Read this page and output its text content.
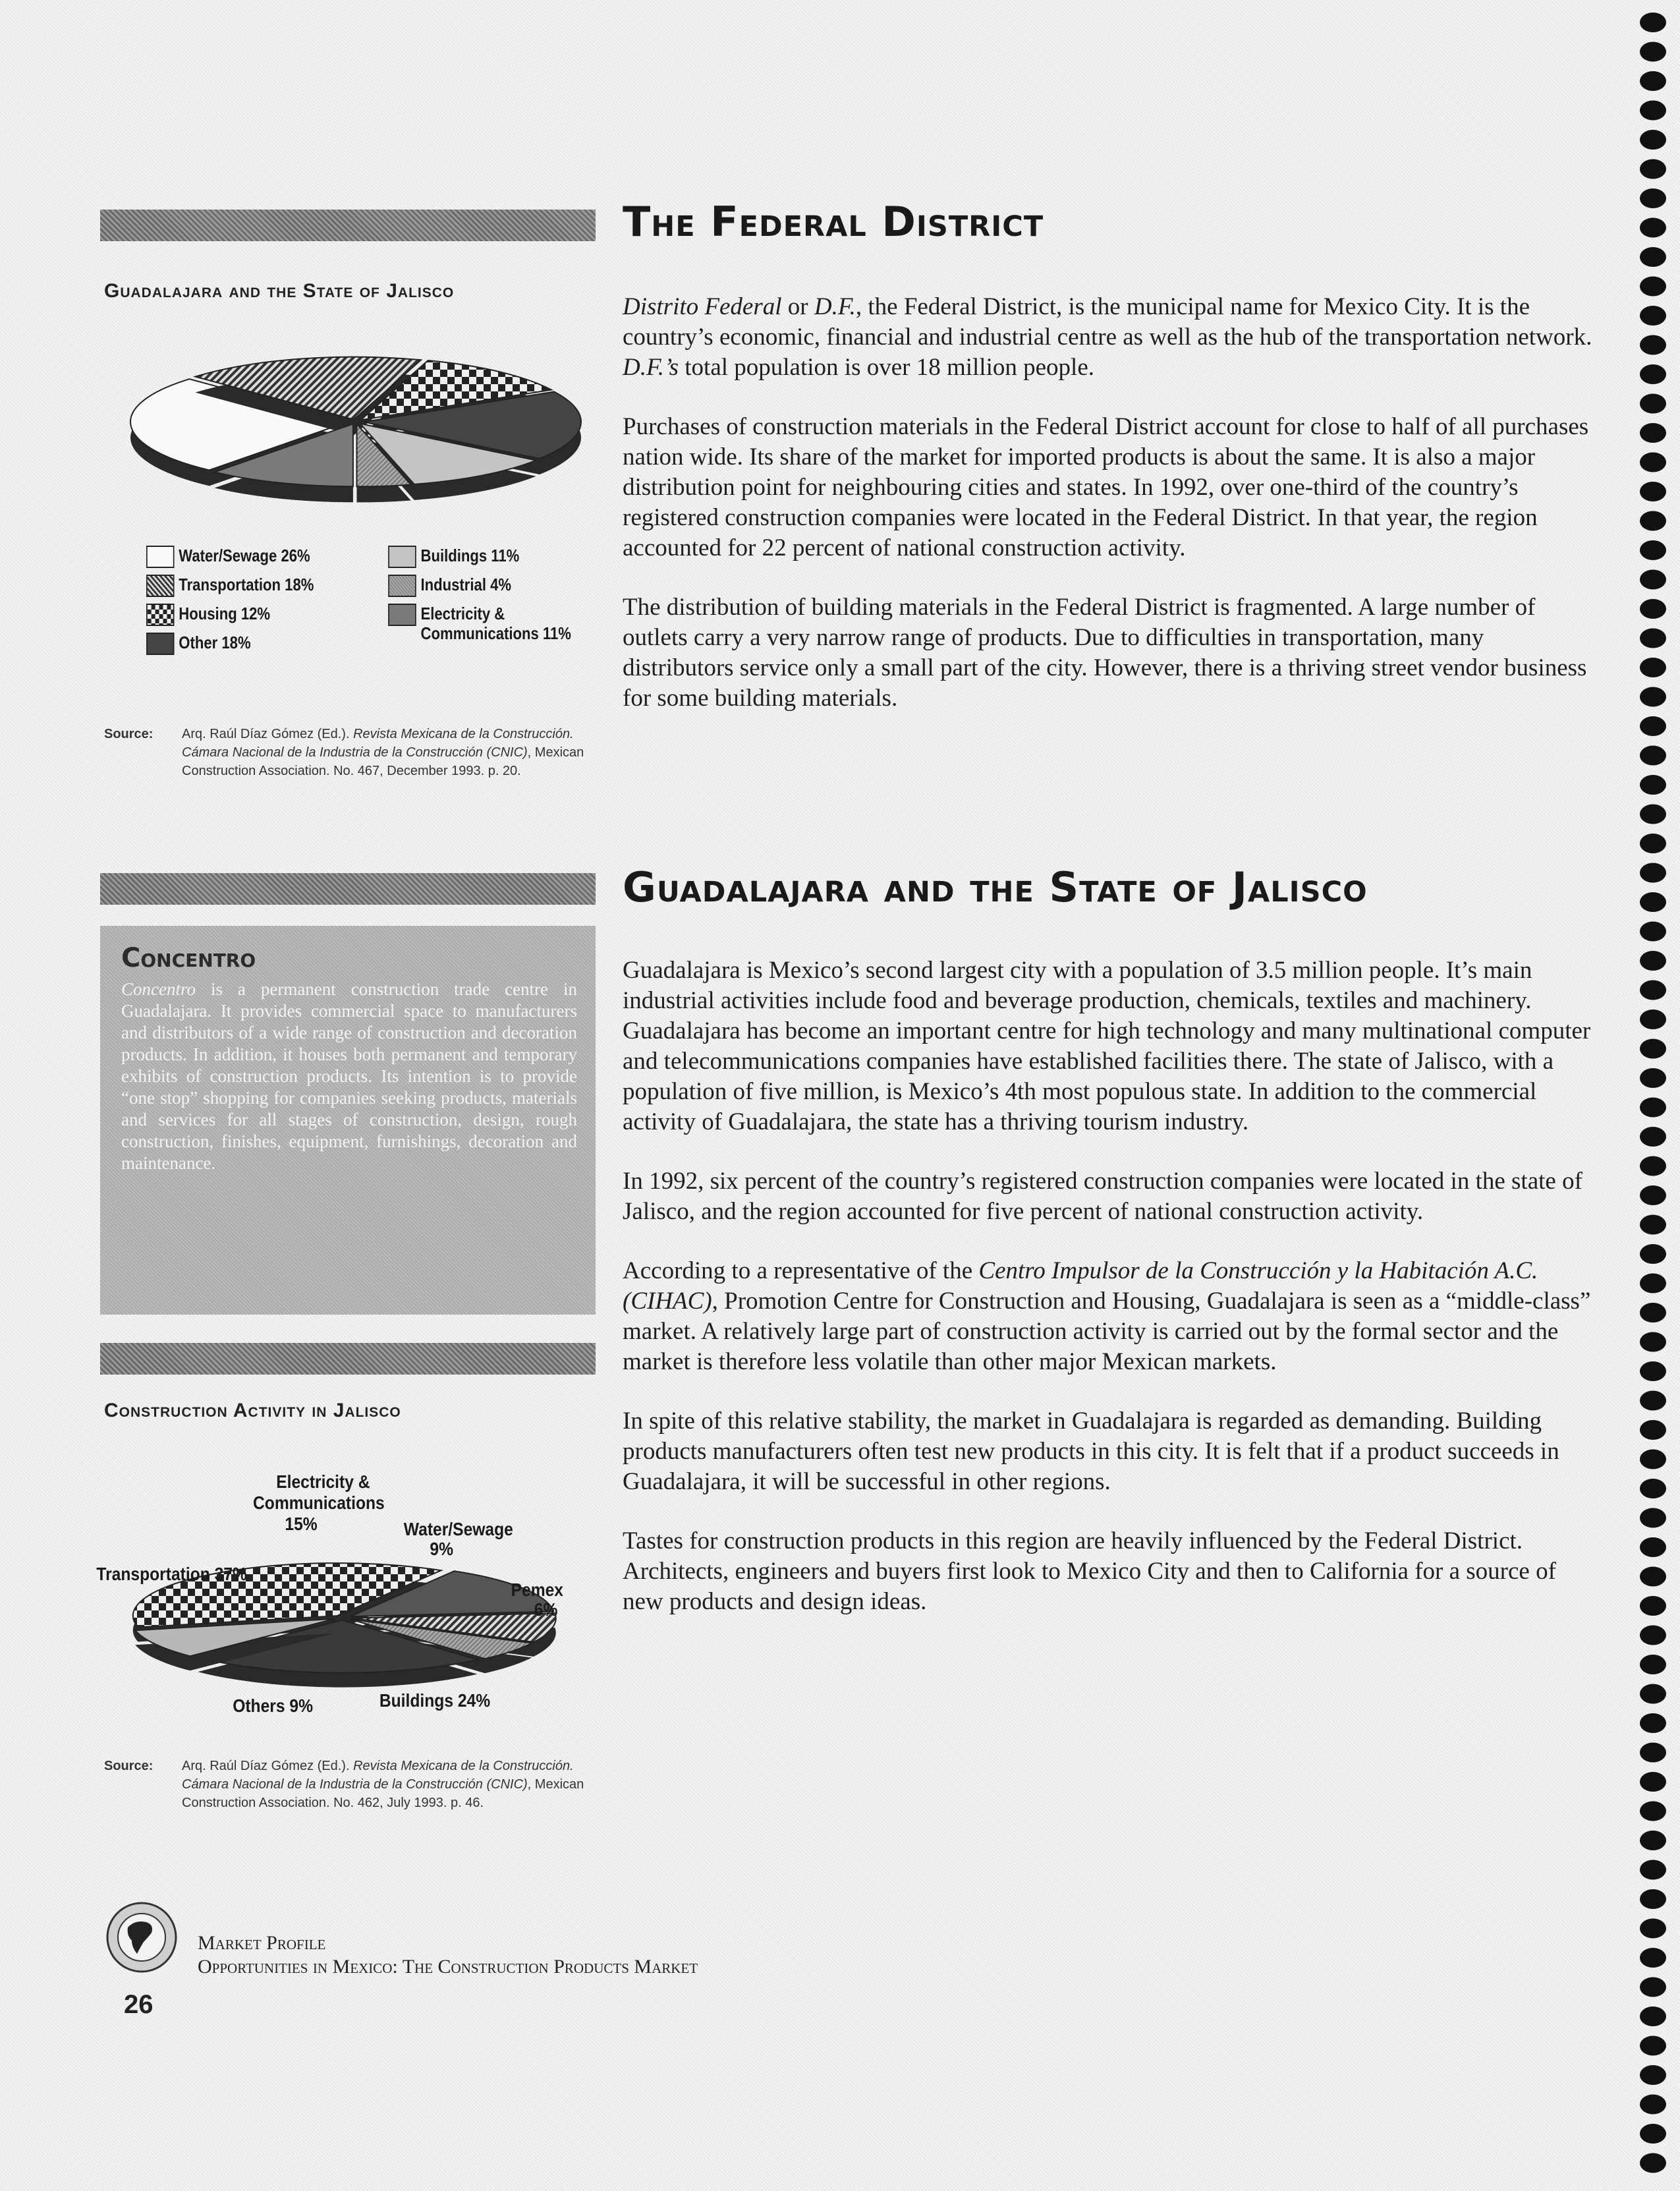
Guadalajara and the State of Jalisco
Water/Sewage 26%
Transportation 18%
Housing 12%
Other 18%
Buildings 11%
Industrial 4%
Electricity &
Communications 11%
Source: Arq. Raúl Díaz Gómez (Ed.). Revista Mexicana de la Construcción. Cámara Nacional de la Industria de la Construcción (CNIC), Mexican Construction Association. No. 467, December 1993. p. 20.
Concentro
Concentro is a permanent construction trade centre in Guadalajara. It provides commercial space to manufacturers and distributors of a wide range of construction and decoration products. In addition, it houses both permanent and temporary exhibits of construction products. Its intention is to provide “one stop” shopping for companies seeking products, materials and services for all stages of construction, design, rough construction, finishes, equipment, furnishings, decoration and maintenance.
Construction Activity in Jalisco
Transportation 37%
Electricity &
Communications
15%	Water/Sewage
9%
Pemex
6%
Buildings 24%
Others 9%
Source: Arq. Raúl Díaz Gómez (Ed.). Revista Mexicana de la Construcción. Cámara Nacional de la Industria de la Construcción (CNIC), Mexican Construction Association. No. 462, July 1993. p. 46.
The Federal District

Distrito Federal or D.F., the Federal District, is the municipal name for Mexico City. It is the country’s economic, financial and industrial centre as well as the hub of the transportation network. D.F.’s total population is over 18 million people.

Purchases of construction materials in the Federal District account for close to half of all purchases nation wide. Its share of the market for imported products is about the same. It is also a major distribution point for neighbouring cities and states. In 1992, over one-third of the country’s registered construction companies were located in the Federal District. In that year, the region accounted for 22 percent of national construction activity.

The distribution of building materials in the Federal District is fragmented. A large number of outlets carry a very narrow range of products. Due to difficulties in transportation, many distributors service only a small part of the city. However, there is a thriving street vendor business for some building materials.

Guadalajara and the State of Jalisco

Guadalajara is Mexico’s second largest city with a population of 3.5 million people. It’s main industrial activities include food and beverage production, chemicals, textiles and machinery. Guadalajara has become an important centre for high technology and many multinational computer and telecommunications companies have established facilities there. The state of Jalisco, with a population of five million, is Mexico’s 4th most populous state. In addition to the commercial activity of Guadalajara, the state has a thriving tourism industry.

In 1992, six percent of the country’s registered construction companies were located in the state of Jalisco, and the region accounted for five percent of national construction activity.

According to a representative of the Centro Impulsor de la Construcción y la Habitación A.C. (CIHAC), Promotion Centre for Construction and Housing, Guadalajara is seen as a “middle-class” market. A relatively large part of construction activity is carried out by the formal sector and the market is therefore less volatile than other major Mexican markets.

In spite of this relative stability, the market in Guadalajara is regarded as demanding. Building products manufacturers often test new products in this city. It is felt that if a product succeeds in Guadalajara, it will be successful in other regions.

Tastes for construction products in this region are heavily influenced by the Federal District. Architects, engineers and buyers first look to Mexico City and then to California for a source of new products and design ideas.

Market Profile
Opportunities in Mexico: The Construction Products Market
26
